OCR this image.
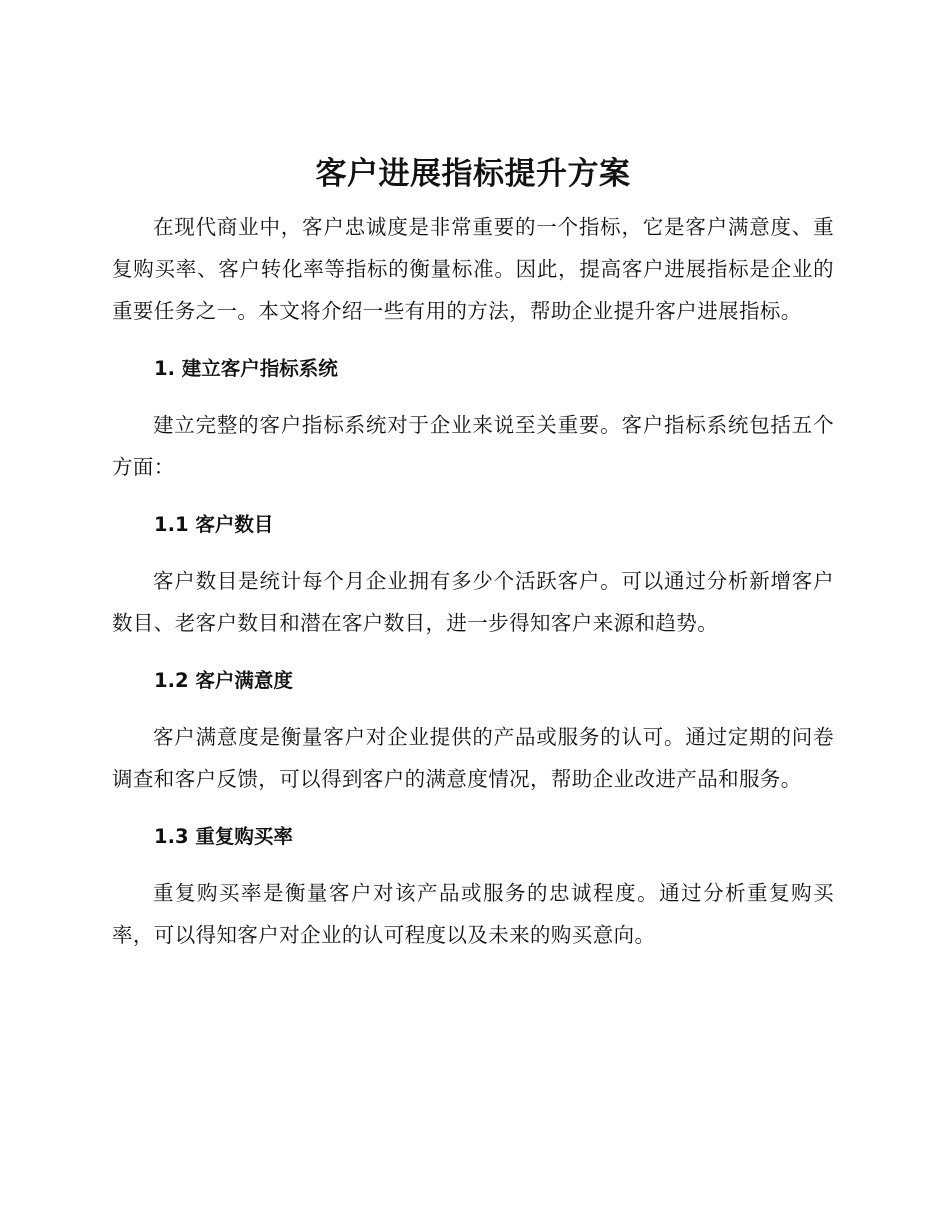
客户进展指标提升方案

在现代商业中，客户忠诚度是非常重要的一个指标，它是客户满意度、重复购买率、客户转化率等指标的衡量标准。因此，提高客户进展指标是企业的重要任务之一。本文将介绍一些有用的方法，帮助企业提升客户进展指标。

1. 建立客户指标系统

建立完整的客户指标系统对于企业来说至关重要。客户指标系统包括五个方面：

1.1 客户数目

客户数目是统计每个月企业拥有多少个活跃客户。可以通过分析新增客户数目、老客户数目和潜在客户数目，进一步得知客户来源和趋势。

1.2 客户满意度

客户满意度是衡量客户对企业提供的产品或服务的认可。通过定期的问卷调查和客户反馈，可以得到客户的满意度情况，帮助企业改进产品和服务。

1.3 重复购买率

重复购买率是衡量客户对该产品或服务的忠诚程度。通过分析重复购买率，可以得知客户对企业的认可程度以及未来的购买意向。
